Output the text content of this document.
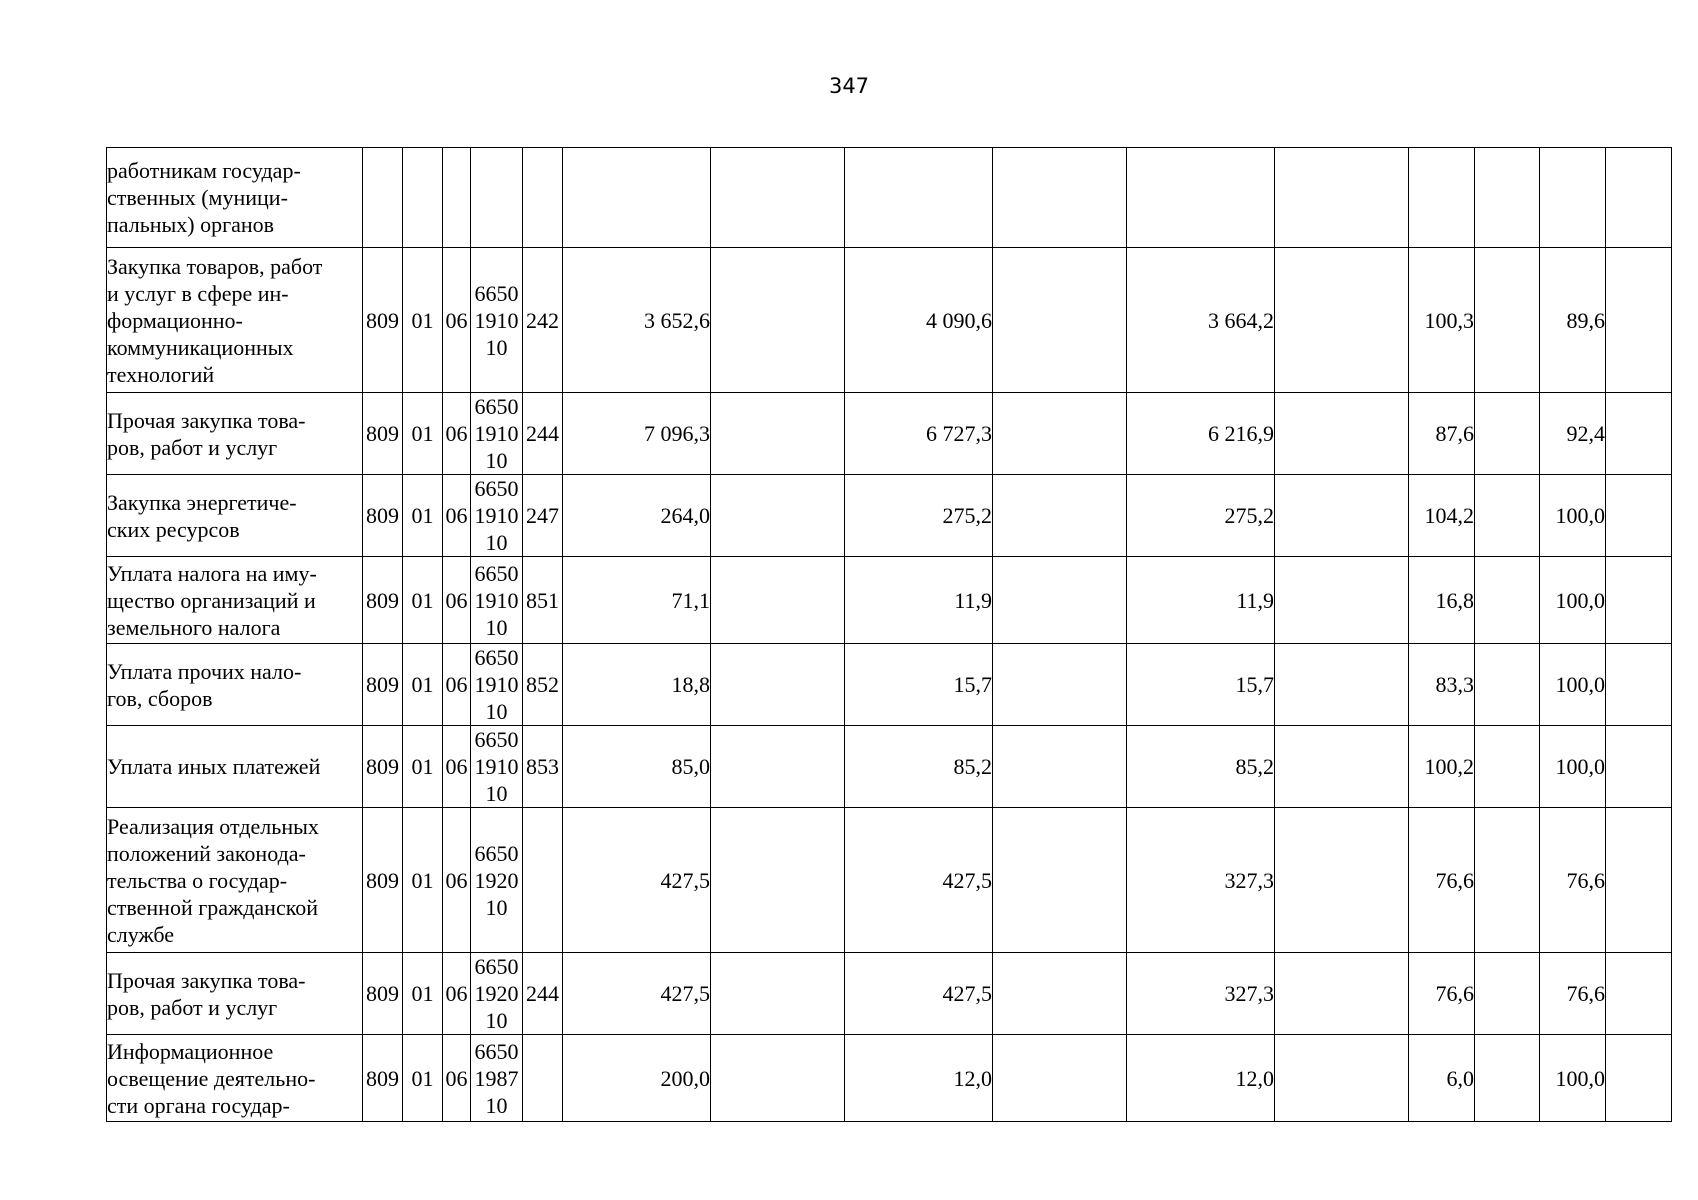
347
работникам государ-
ственных (муници-
пальных) органов															
Закупка товаров, работ
и услуг в сфере ин-
формационно-
коммуникационных
технологий	809	01	06	6650
1910
10	242	3 652,6		4 090,6		3 664,2		100,3		89,6	
Прочая закупка това-
ров, работ и услуг	809	01	06	6650
1910
10	244	7 096,3		6 727,3		6 216,9		87,6		92,4	
Закупка энергетиче-
ских ресурсов	809	01	06	6650
1910
10	247	264,0		275,2		275,2		104,2		100,0	
Уплата налога на иму-
щество организаций и
земельного налога	809	01	06	6650
1910
10	851	71,1		11,9		11,9		16,8		100,0	
Уплата прочих нало-
гов, сборов	809	01	06	6650
1910
10	852	18,8		15,7		15,7		83,3		100,0	
Уплата иных платежей	809	01	06	6650
1910
10	853	85,0		85,2		85,2		100,2		100,0	
Реализация отдельных
положений законода-
тельства о государ-
ственной гражданской
службе	809	01	06	6650
1920
10		427,5		427,5		327,3		76,6		76,6	
Прочая закупка това-
ров, работ и услуг	809	01	06	6650
1920
10	244	427,5		427,5		327,3		76,6		76,6	
Информационное
освещение деятельно-
сти органа государ-	809	01	06	6650
1987
10		200,0		12,0		12,0		6,0		100,0	
